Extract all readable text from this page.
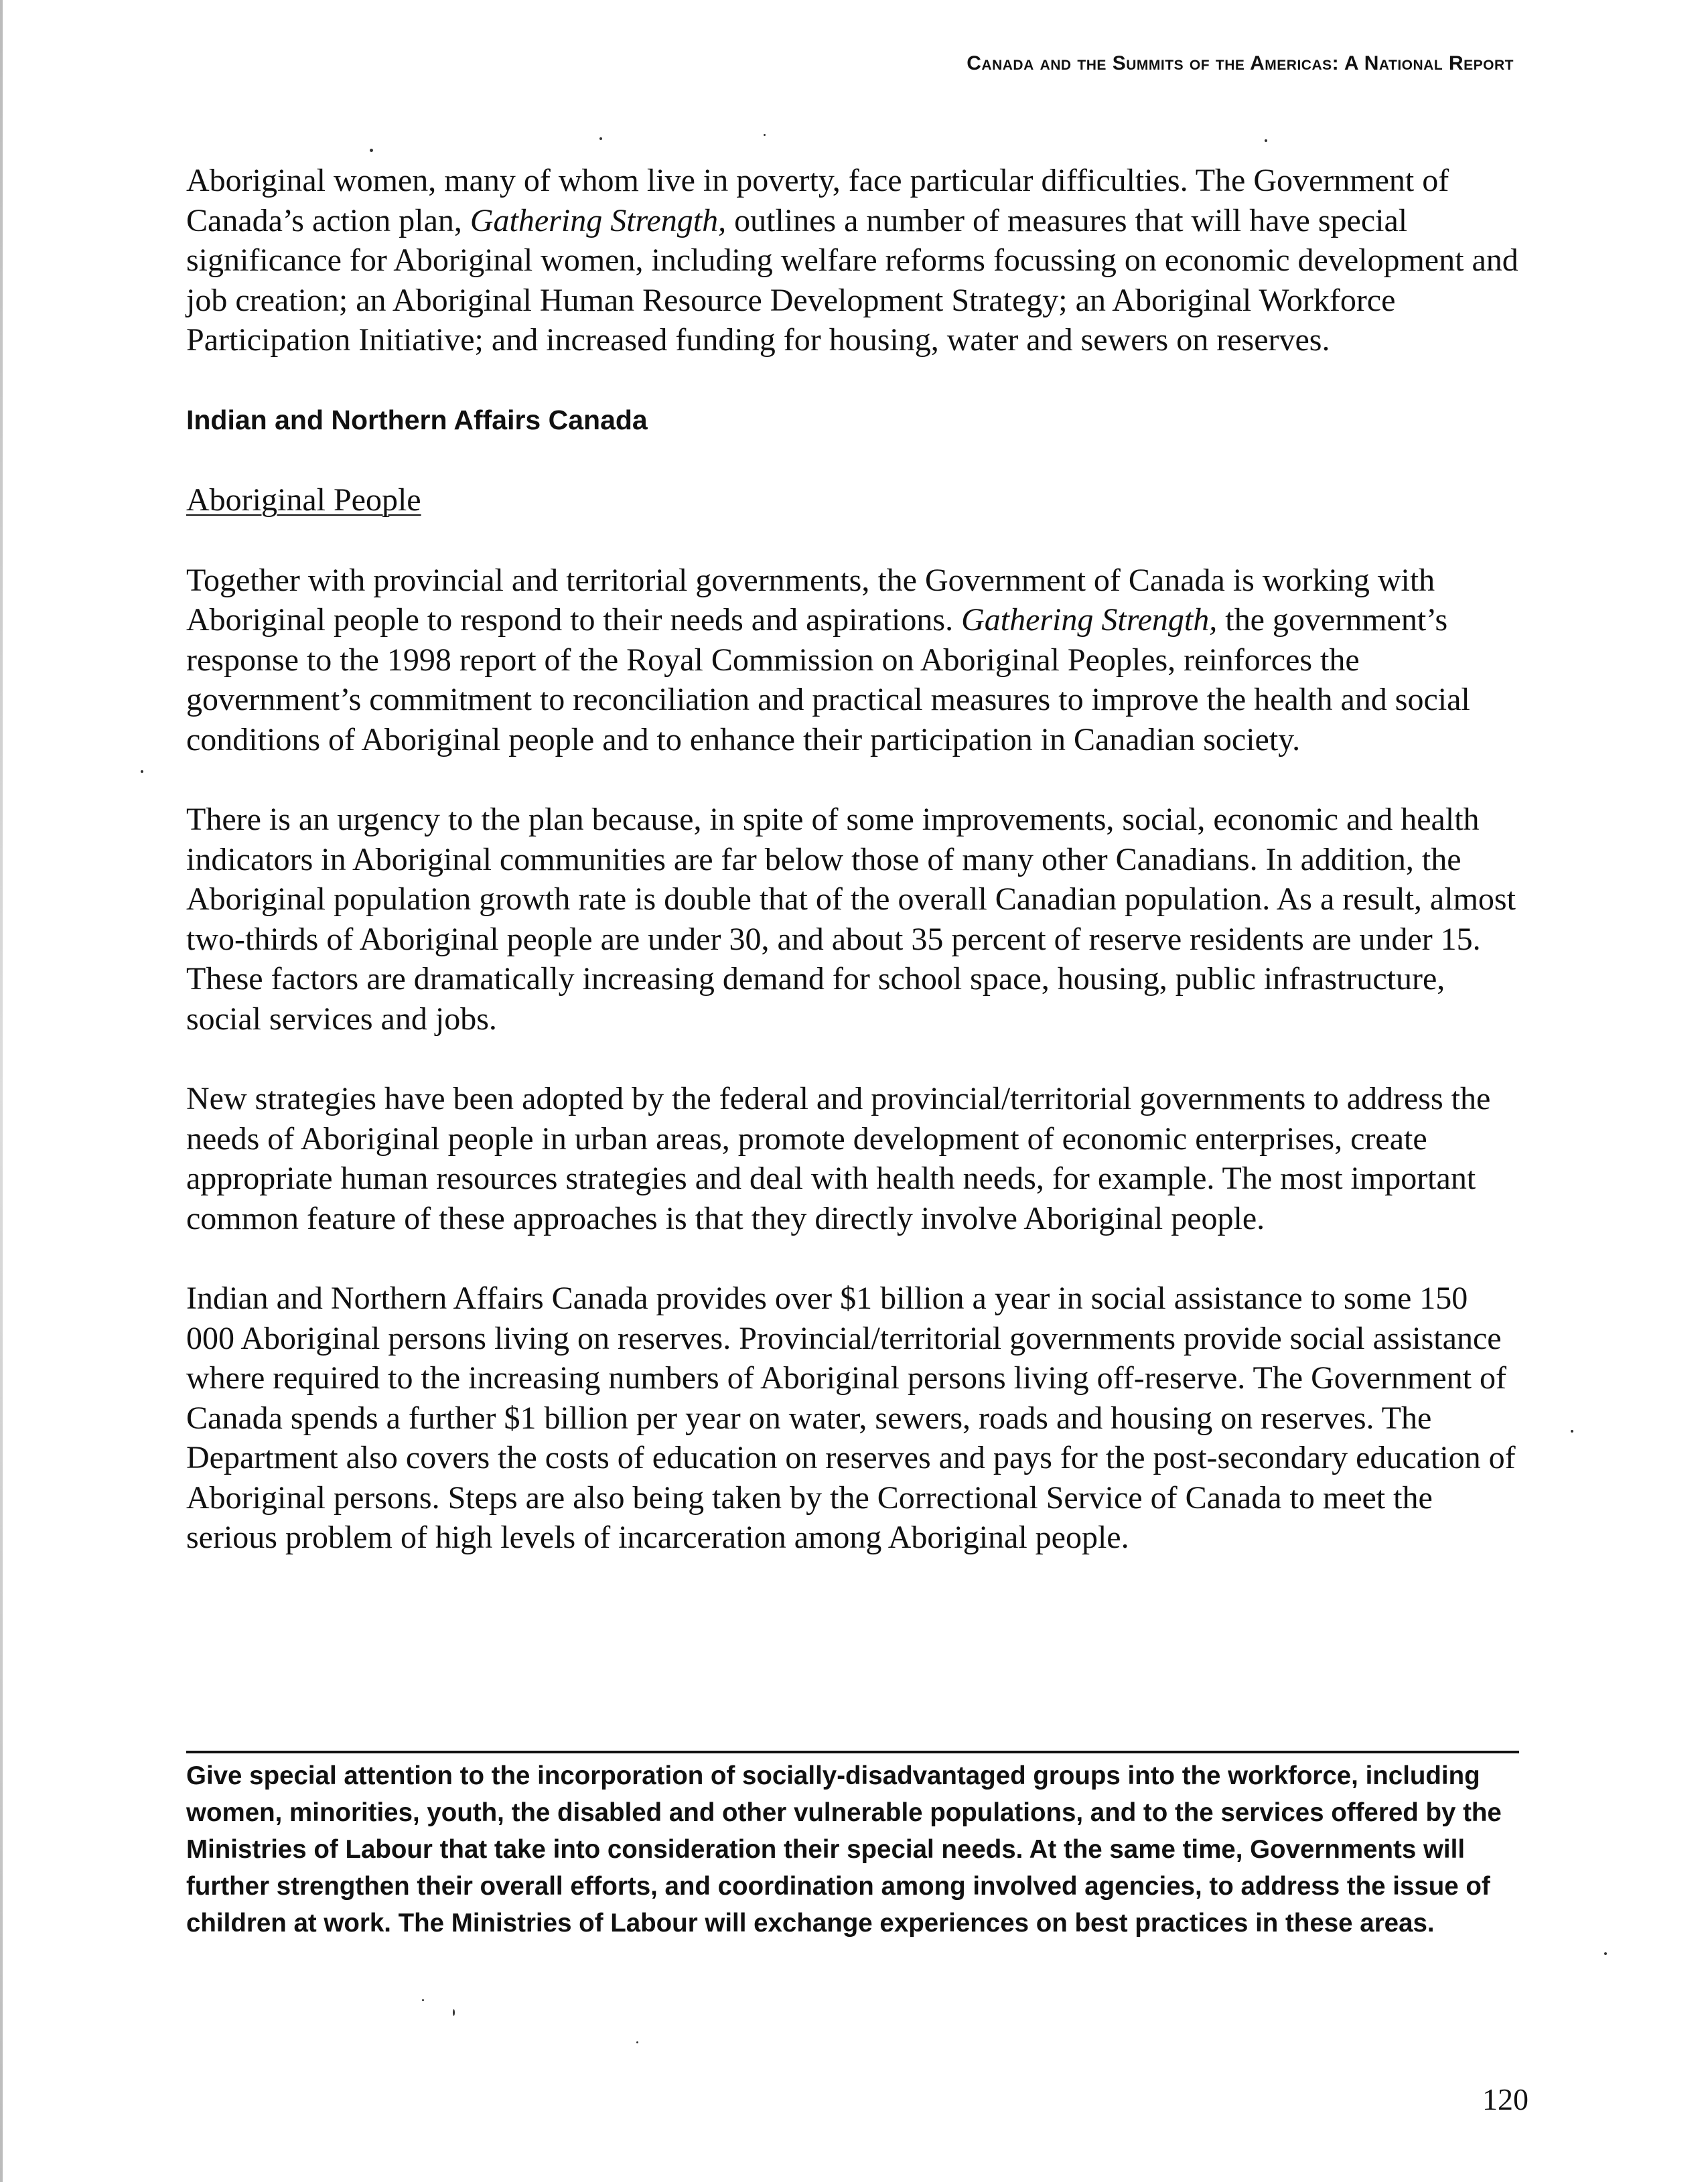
Canada and the Summits of the Americas: A National Report

Aboriginal women, many of whom live in poverty, face particular difficulties. The Government of Canada’s action plan, Gathering Strength, outlines a number of measures that will have special significance for Aboriginal women, including welfare reforms focussing on economic development and job creation; an Aboriginal Human Resource Development Strategy; an Aboriginal Workforce Participation Initiative; and increased funding for housing, water and sewers on reserves.

Indian and Northern Affairs Canada
Aboriginal People

Together with provincial and territorial governments, the Government of Canada is working with Aboriginal people to respond to their needs and aspirations. Gathering Strength, the government’s response to the 1998 report of the Royal Commission on Aboriginal Peoples, reinforces the government’s commitment to reconciliation and practical measures to improve the health and social conditions of Aboriginal people and to enhance their participation in Canadian society.

There is an urgency to the plan because, in spite of some improvements, social, economic and health indicators in Aboriginal communities are far below those of many other Canadians. In addition, the Aboriginal population growth rate is double that of the overall Canadian population. As a result, almost two-thirds of Aboriginal people are under 30, and about 35 percent of reserve residents are under 15. These factors are dramatically increasing demand for school space, housing, public infrastructure, social services and jobs.

New strategies have been adopted by the federal and provincial/territorial governments to address the needs of Aboriginal people in urban areas, promote development of economic enterprises, create appropriate human resources strategies and deal with health needs, for example. The most important common feature of these approaches is that they directly involve Aboriginal people.

Indian and Northern Affairs Canada provides over $1 billion a year in social assistance to some 150 000 Aboriginal persons living on reserves. Provincial/territorial governments provide social assistance where required to the increasing numbers of Aboriginal persons living off-reserve. The Government of Canada spends a further $1 billion per year on water, sewers, roads and housing on reserves. The Department also covers the costs of education on reserves and pays for the post-secondary education of Aboriginal persons. Steps are also being taken by the Correctional Service of Canada to meet the serious problem of high levels of incarceration among Aboriginal people.

Give special attention to the incorporation of socially-disadvantaged groups into the workforce, including women, minorities, youth, the disabled and other vulnerable populations, and to the services offered by the Ministries of Labour that take into consideration their special needs. At the same time, Governments will further strengthen their overall efforts, and coordination among involved agencies, to address the issue of children at work. The Ministries of Labour will exchange experiences on best practices in these areas.
120
